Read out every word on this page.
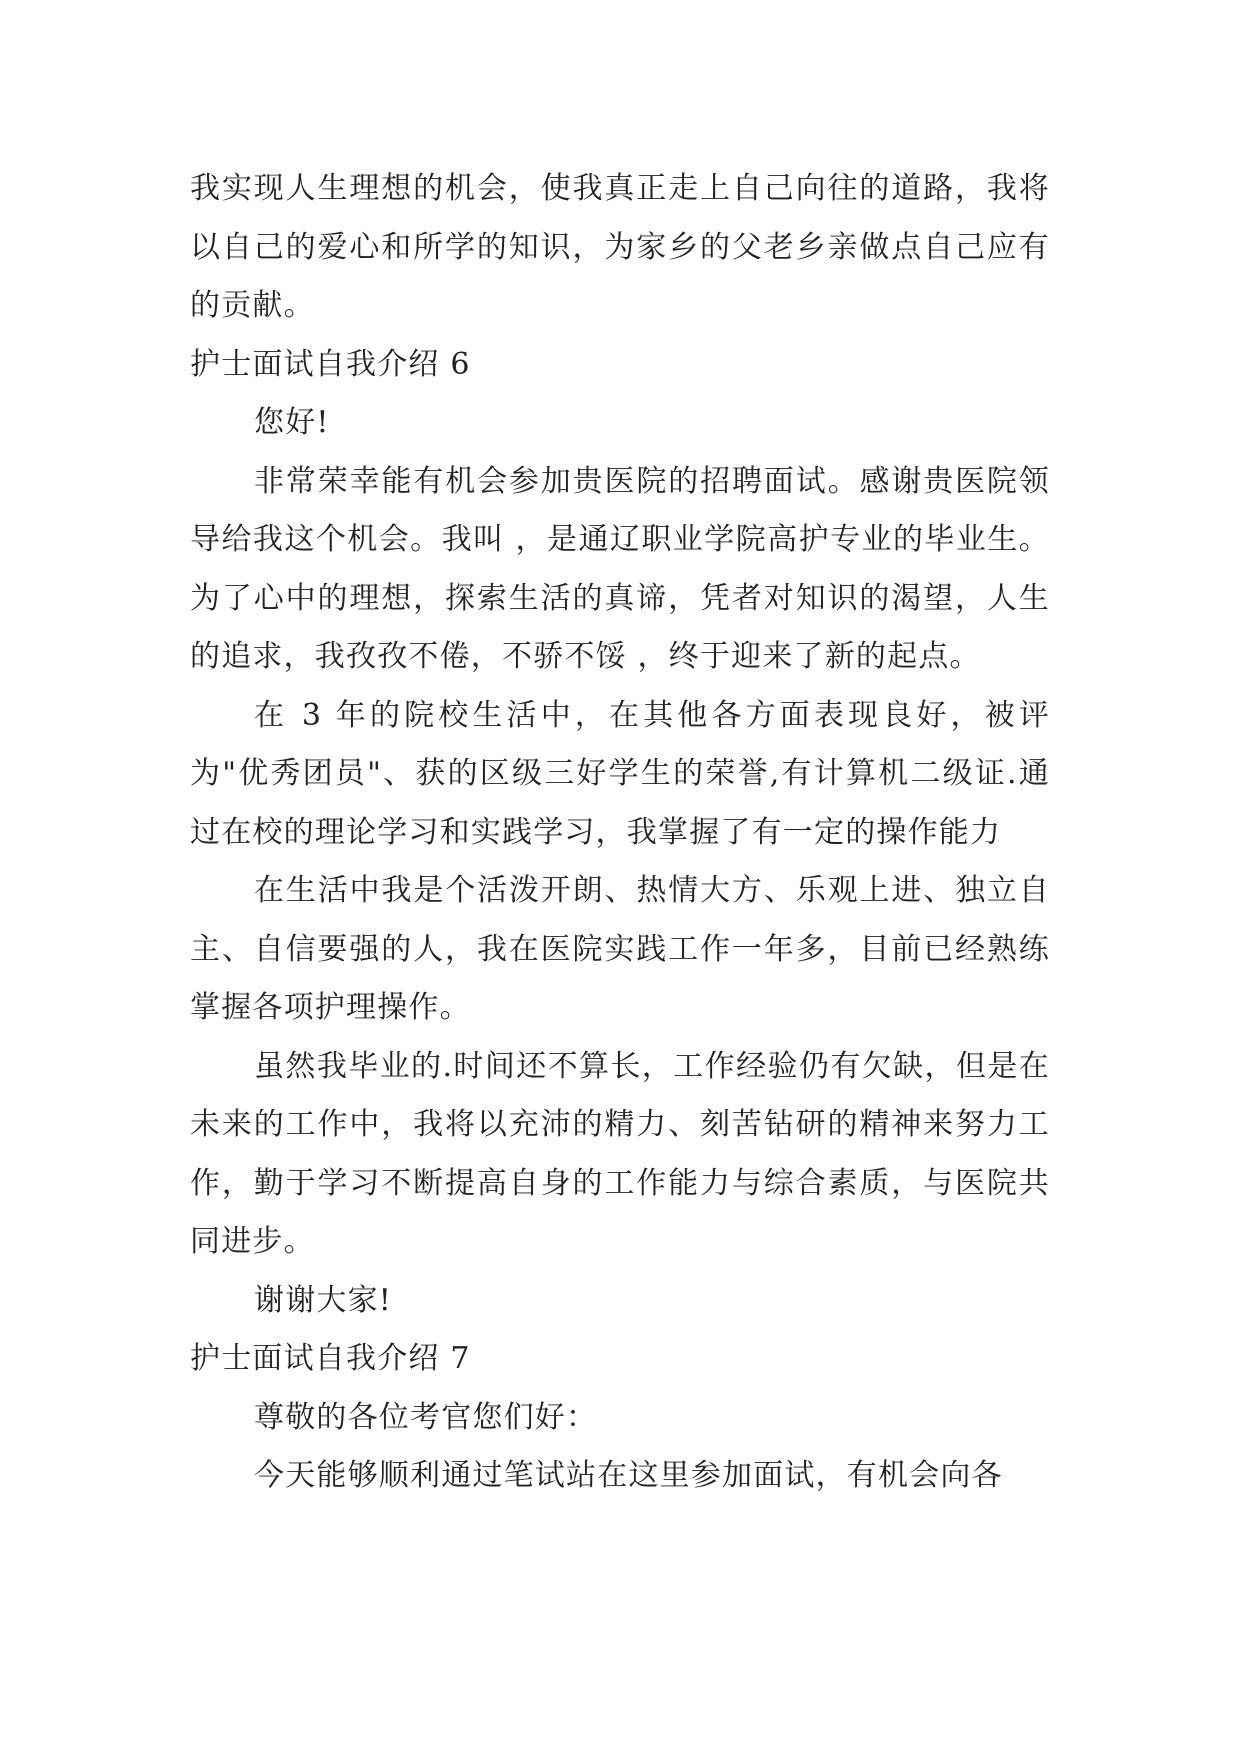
我实现人生理想的机会，使我真正走上自己向往的道路，我将以自己的爱心和所学的知识，为家乡的父老乡亲做点自己应有的贡献。

护士面试自我介绍 6

您好!

非常荣幸能有机会参加贵医院的招聘面试。感谢贵医院领导给我这个机会。我叫 ，是通辽职业学院高护专业的毕业生。为了心中的理想，探索生活的真谛，凭者对知识的渴望，人生的追求，我孜孜不倦，不骄不馁 ，终于迎来了新的起点。

在 3 年的院校生活中，在其他各方面表现良好，被评为"优秀团员"、获的区级三好学生的荣誉,有计算机二级证.通过在校的理论学习和实践学习，我掌握了有一定的操作能力

在生活中我是个活泼开朗、热情大方、乐观上进、独立自主、自信要强的人，我在医院实践工作一年多，目前已经熟练掌握各项护理操作。

虽然我毕业的.时间还不算长，工作经验仍有欠缺，但是在未来的工作中，我将以充沛的精力、刻苦钻研的精神来努力工作，勤于学习不断提高自身的工作能力与综合素质，与医院共同进步。

谢谢大家!

护士面试自我介绍 7

尊敬的各位考官您们好：

今天能够顺利通过笔试站在这里参加面试，有机会向各
